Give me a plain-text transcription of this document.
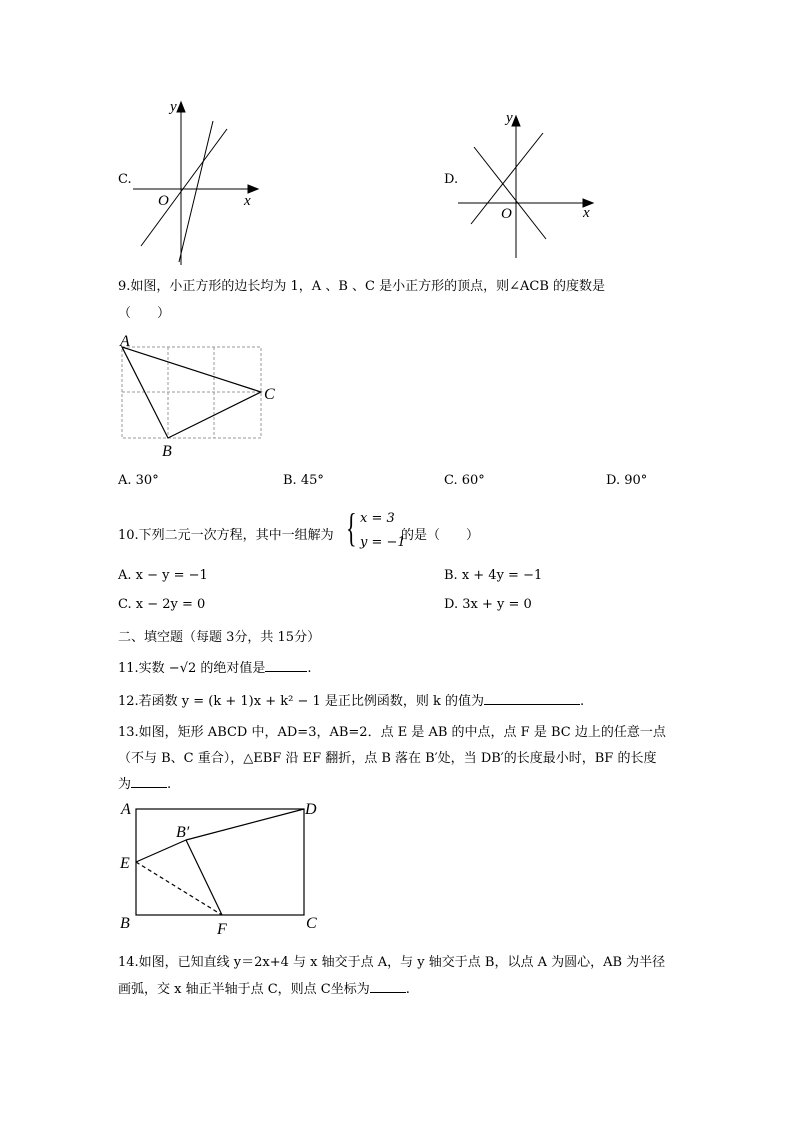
C.
y
x
O
D.
y
x
O
9.如图，小正方形的边长均为 1，A 、B 、C 是小正方形的顶点，则∠ACB 的度数是
（　　）
A
C
B
A. 30°	B. 45°	C. 60°	D. 90°
10.下列二元一次方程，其中一组解为 { x = 3
y = −1
的是（　　）
A. x − y = −1	B. x + 4y = −1
C. x − 2y = 0	D. 3x + y = 0
二、填空题（每题 3分，共 15分）
11.实数 −√2 的绝对值是	.
12.若函数 y = (k + 1)x + k² − 1 是正比例函数，则 k 的值为	.
13.如图，矩形 ABCD 中，AD=3，AB=2．点 E 是 AB 的中点，点 F 是 BC 边上的任意一点
（不与 B、C 重合），△EBF 沿 EF 翻折，点 B 落在 B′处，当 DB′的长度最小时，BF 的长度
为	.
A	D
B′
E
B	F	C
14.如图，已知直线 y＝2x+4 与 x 轴交于点 A，与 y 轴交于点 B，以点 A 为圆心，AB 为半径
画弧，交 x 轴正半轴于点 C，则点 C坐标为	.
